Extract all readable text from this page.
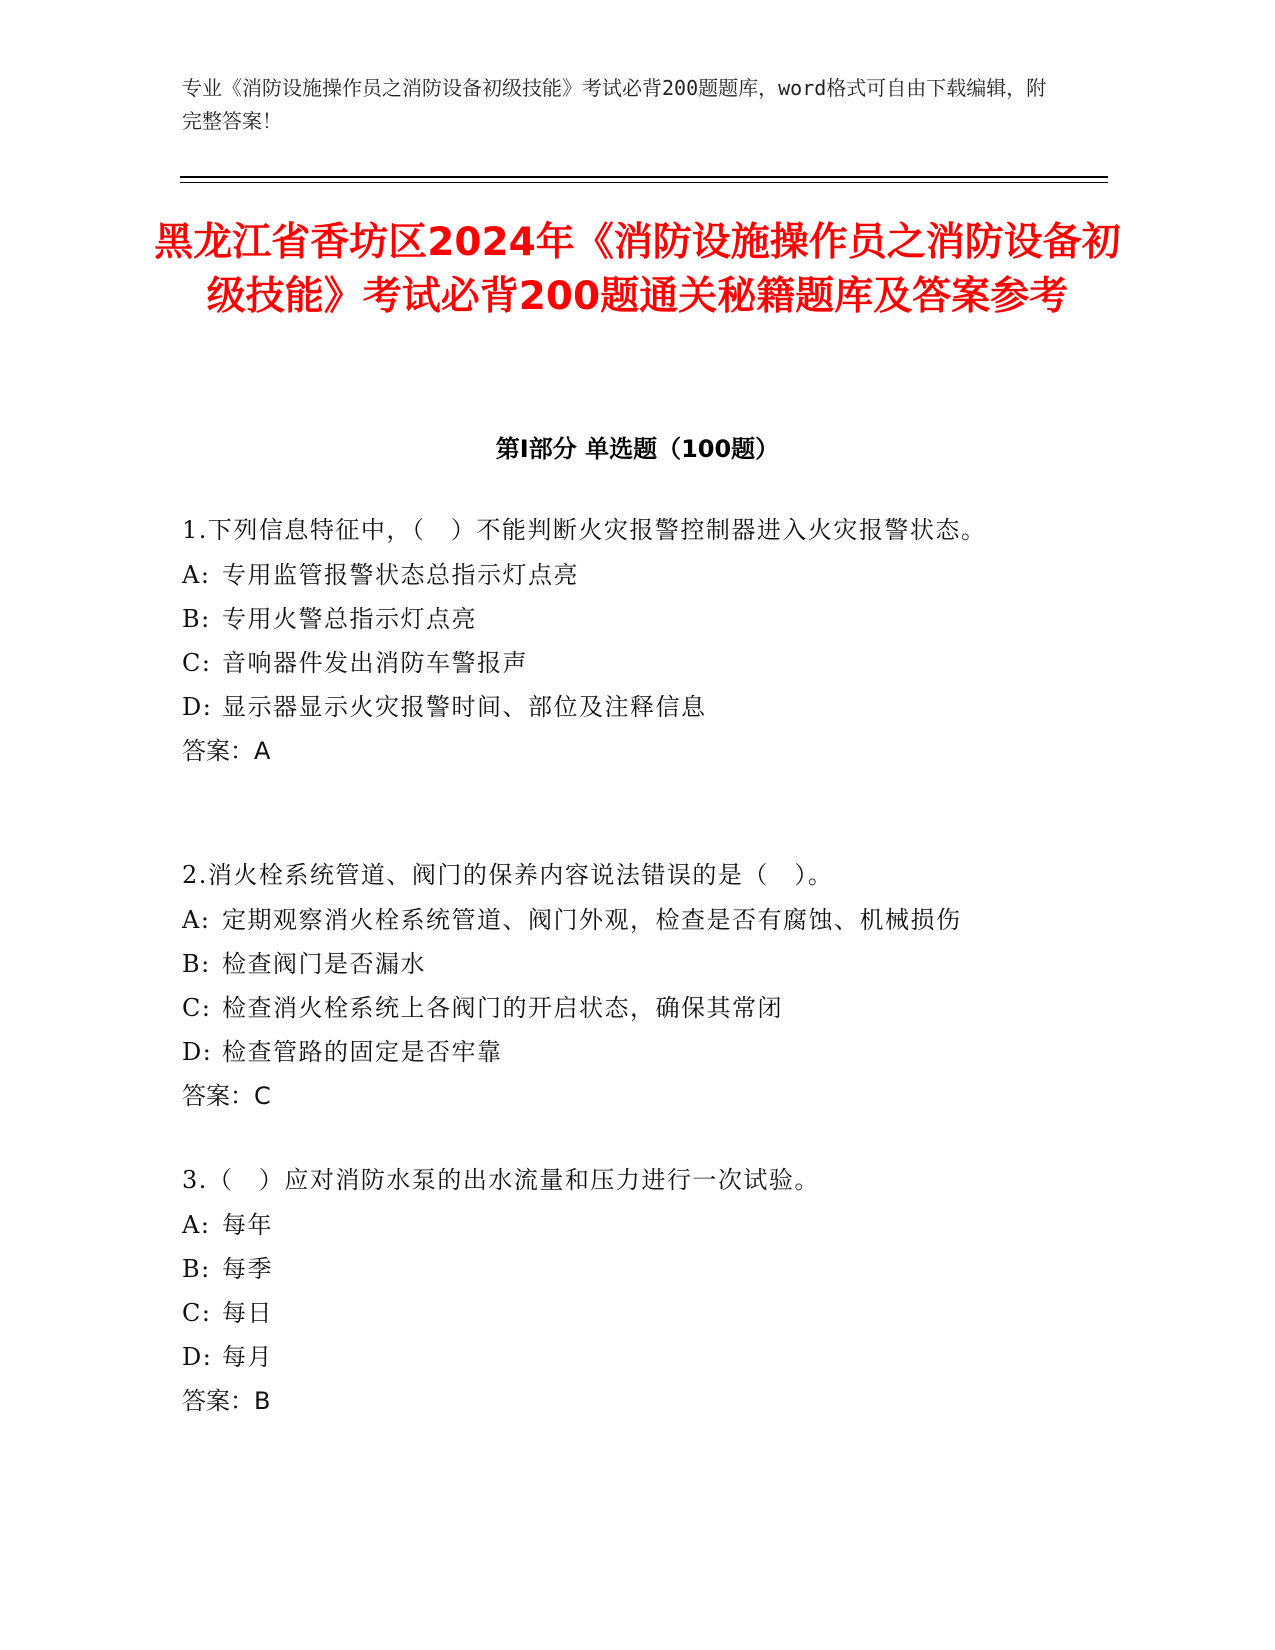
专业《消防设施操作员之消防设备初级技能》考试必背200题题库，word格式可自由下载编辑，附完整答案！
黑龙江省香坊区2024年《消防设施操作员之消防设备初级技能》考试必背200题通关秘籍题库及答案参考
第Ⅰ部分 单选题（100题）
1.下列信息特征中，（　）不能判断火灾报警控制器进入火灾报警状态。
A: 专用监管报警状态总指示灯点亮
B: 专用火警总指示灯点亮
C: 音响器件发出消防车警报声
D: 显示器显示火灾报警时间、部位及注释信息
答案：A
2.消火栓系统管道、阀门的保养内容说法错误的是（　）。
A: 定期观察消火栓系统管道、阀门外观，检查是否有腐蚀、机械损伤
B: 检查阀门是否漏水
C: 检查消火栓系统上各阀门的开启状态，确保其常闭
D: 检查管路的固定是否牢靠
答案：C
3.（　）应对消防水泵的出水流量和压力进行一次试验。
A: 每年
B: 每季
C: 每日
D: 每月
答案：B
